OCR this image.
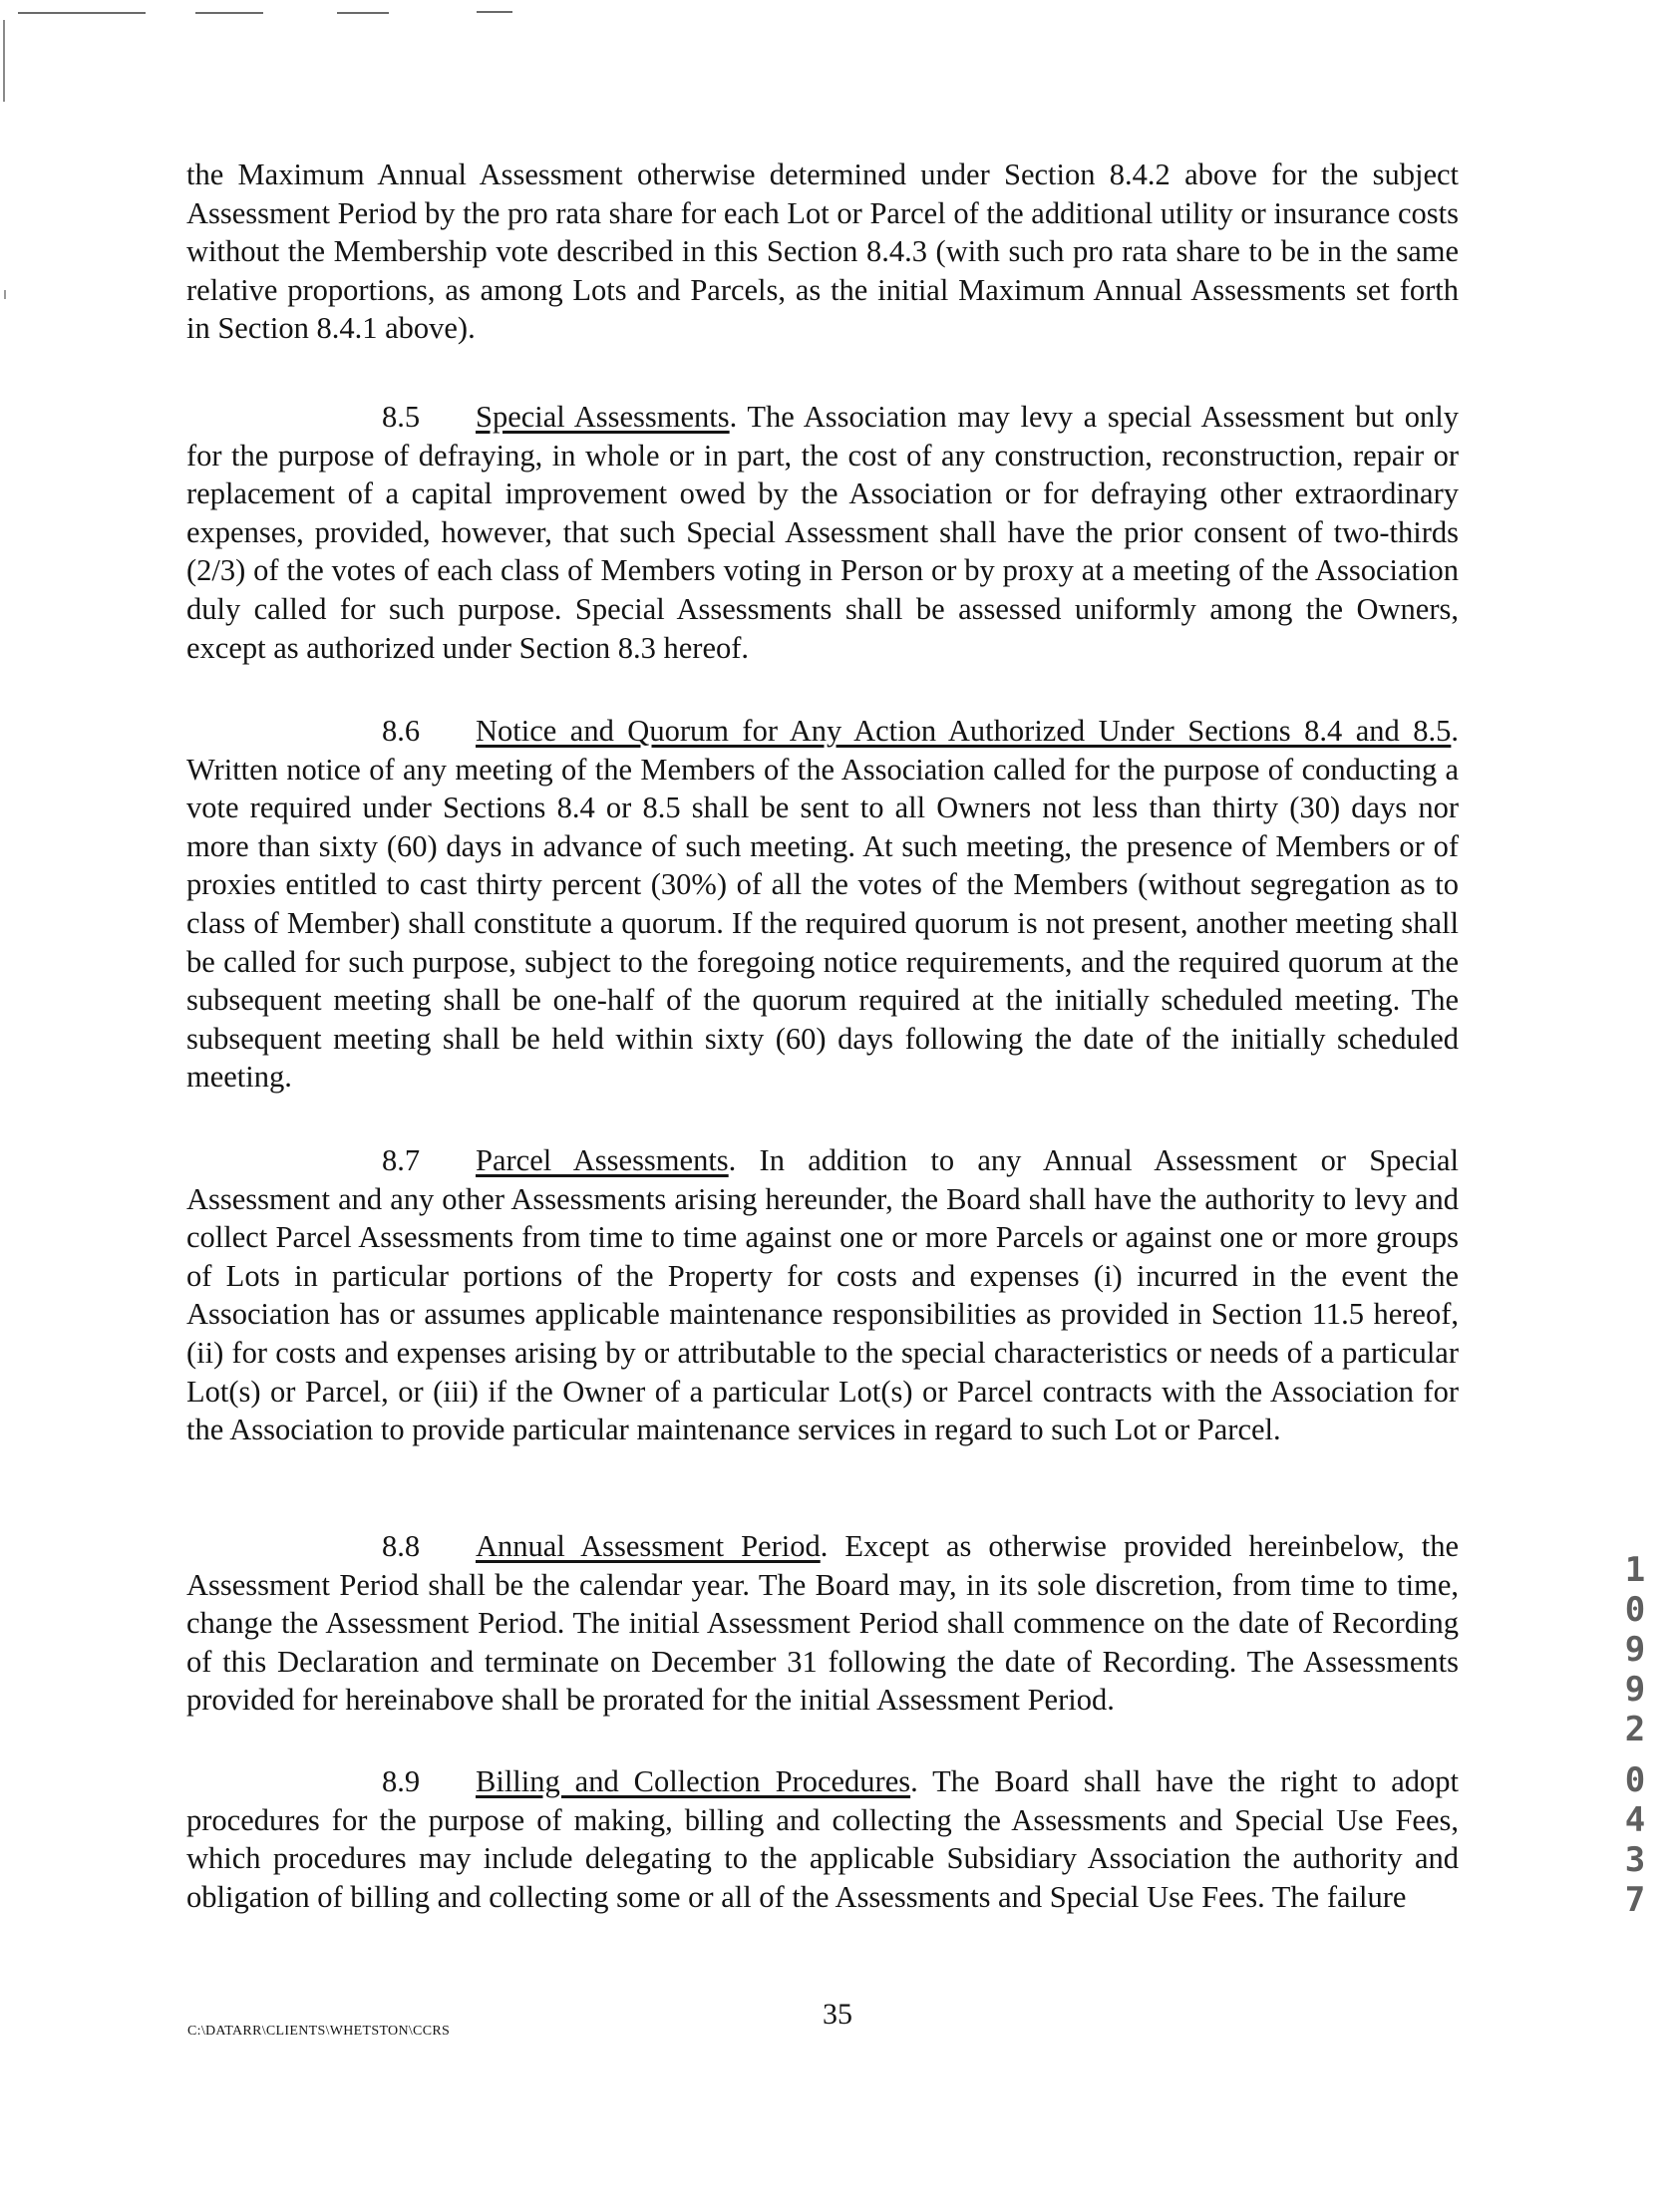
the Maximum Annual Assessment otherwise determined under Section 8.4.2 above for the subject Assessment Period by the pro rata share for each Lot or Parcel of the additional utility or insurance costs without the Membership vote described in this Section 8.4.3 (with such pro rata share to be in the same relative proportions, as among Lots and Parcels, as the initial Maximum Annual Assessments set forth in Section 8.4.1 above).

8.5 Special Assessments. The Association may levy a special Assessment but only for the purpose of defraying, in whole or in part, the cost of any construction, reconstruction, repair or replacement of a capital improvement owed by the Association or for defraying other extraordinary expenses, provided, however, that such Special Assessment shall have the prior consent of two-thirds (2/3) of the votes of each class of Members voting in Person or by proxy at a meeting of the Association duly called for such purpose. Special Assessments shall be assessed uniformly among the Owners, except as authorized under Section 8.3 hereof.

8.6 Notice and Quorum for Any Action Authorized Under Sections 8.4 and 8.5. Written notice of any meeting of the Members of the Association called for the purpose of conducting a vote required under Sections 8.4 or 8.5 shall be sent to all Owners not less than thirty (30) days nor more than sixty (60) days in advance of such meeting. At such meeting, the presence of Members or of proxies entitled to cast thirty percent (30%) of all the votes of the Members (without segregation as to class of Member) shall constitute a quorum. If the required quorum is not present, another meeting shall be called for such purpose, subject to the foregoing notice requirements, and the required quorum at the subsequent meeting shall be one-half of the quorum required at the initially scheduled meeting. The subsequent meeting shall be held within sixty (60) days following the date of the initially scheduled meeting.

8.7 Parcel Assessments. In addition to any Annual Assessment or Special Assessment and any other Assessments arising hereunder, the Board shall have the authority to levy and collect Parcel Assessments from time to time against one or more Parcels or against one or more groups of Lots in particular portions of the Property for costs and expenses (i) incurred in the event the Association has or assumes applicable maintenance responsibilities as provided in Section 11.5 hereof, (ii) for costs and expenses arising by or attributable to the special characteristics or needs of a particular Lot(s) or Parcel, or (iii) if the Owner of a particular Lot(s) or Parcel contracts with the Association for the Association to provide particular maintenance services in regard to such Lot or Parcel.

8.8 Annual Assessment Period. Except as otherwise provided hereinbelow, the Assessment Period shall be the calendar year. The Board may, in its sole discretion, from time to time, change the Assessment Period. The initial Assessment Period shall commence on the date of Recording of this Declaration and terminate on December 31 following the date of Recording. The Assessments provided for hereinabove shall be prorated for the initial Assessment Period.

8.9 Billing and Collection Procedures. The Board shall have the right to adopt procedures for the purpose of making, billing and collecting the Assessments and Special Use Fees, which procedures may include delegating to the applicable Subsidiary Association the authority and obligation of billing and collecting some or all of the Assessments and Special Use Fees. The failure

1
0
9
9
2
0
4
3
7
C:\DATARR\CLIENTS\WHETSTON\CCRS
35
